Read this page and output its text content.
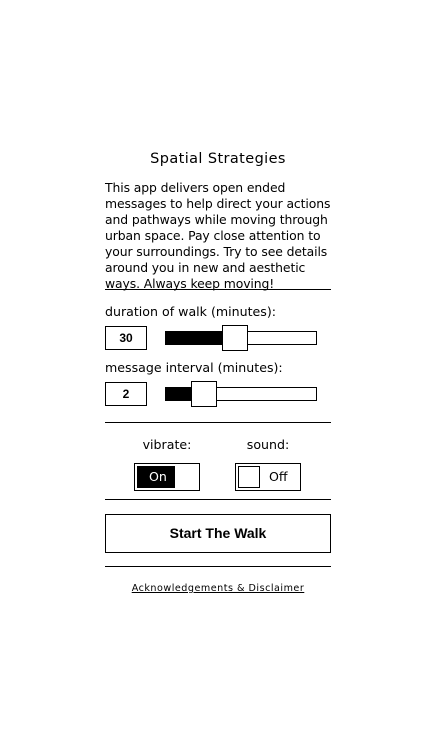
Spatial Strategies
This app delivers open ended messages to help direct your actions and pathways while moving through urban space. Pay close attention to your surroundings. Try to see details around you in new and aesthetic ways. Always keep moving!
duration of walk (minutes):
30
message interval (minutes):
2
vibrate:	sound:
On	Off
Start The Walk
Acknowledgements & Disclaimer
